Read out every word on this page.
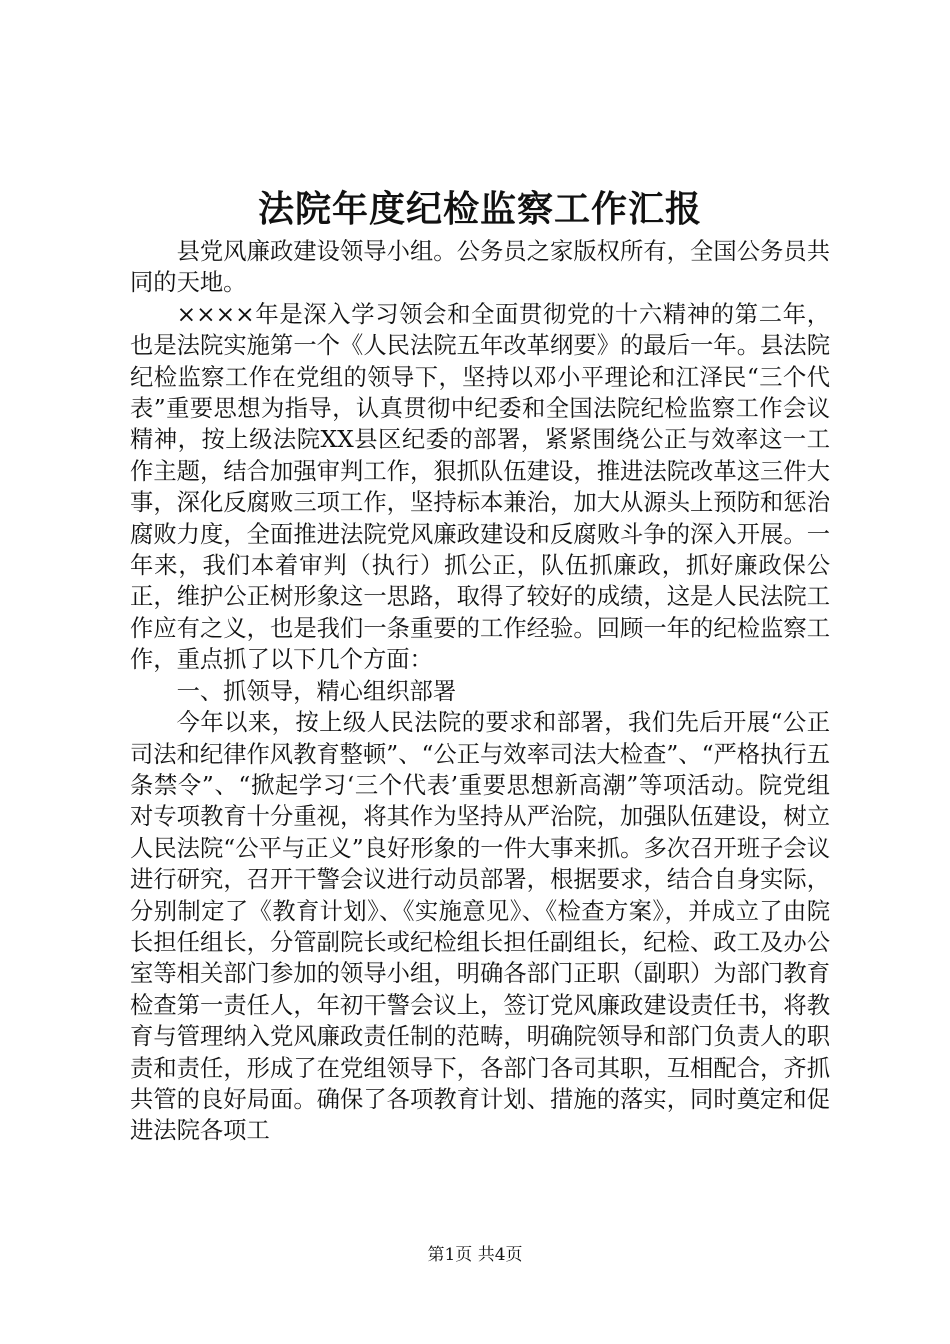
法院年度纪检监察工作汇报

县党风廉政建设领导小组。公务员之家版权所有，全国公务员共同的天地。

××××年是深入学习领会和全面贯彻党的十六精神的第二年，也是法院实施第一个《人民法院五年改革纲要》的最后一年。县法院纪检监察工作在党组的领导下，坚持以邓小平理论和江泽民“三个代表”重要思想为指导，认真贯彻中纪委和全国法院纪检监察工作会议精神，按上级法院XX县区纪委的部署，紧紧围绕公正与效率这一工作主题，结合加强审判工作，狠抓队伍建设，推进法院改革这三件大事，深化反腐败三项工作，坚持标本兼治，加大从源头上预防和惩治腐败力度，全面推进法院党风廉政建设和反腐败斗争的深入开展。一年来，我们本着审判（执行）抓公正，队伍抓廉政，抓好廉政保公正，维护公正树形象这一思路，取得了较好的成绩，这是人民法院工作应有之义，也是我们一条重要的工作经验。回顾一年的纪检监察工作，重点抓了以下几个方面：

一、抓领导，精心组织部署

今年以来，按上级人民法院的要求和部署，我们先后开展“公正司法和纪律作风教育整顿”、“公正与效率司法大检查”、“严格执行五条禁令”、“掀起学习‘三个代表’重要思想新高潮”等项活动。院党组对专项教育十分重视，将其作为坚持从严治院，加强队伍建设，树立人民法院“公平与正义”良好形象的一件大事来抓。多次召开班子会议进行研究，召开干警会议进行动员部署，根据要求，结合自身实际，分别制定了《教育计划》、《实施意见》、《检查方案》，并成立了由院长担任组长，分管副院长或纪检组长担任副组长，纪检、政工及办公室等相关部门参加的领导小组，明确各部门正职（副职）为部门教育检查第一责任人，年初干警会议上，签订党风廉政建设责任书，将教育与管理纳入党风廉政责任制的范畴，明确院领导和部门负责人的职责和责任，形成了在党组领导下，各部门各司其职，互相配合，齐抓共管的良好局面。确保了各项教育计划、措施的落实，同时奠定和促进法院各项工

第1页 共4页
